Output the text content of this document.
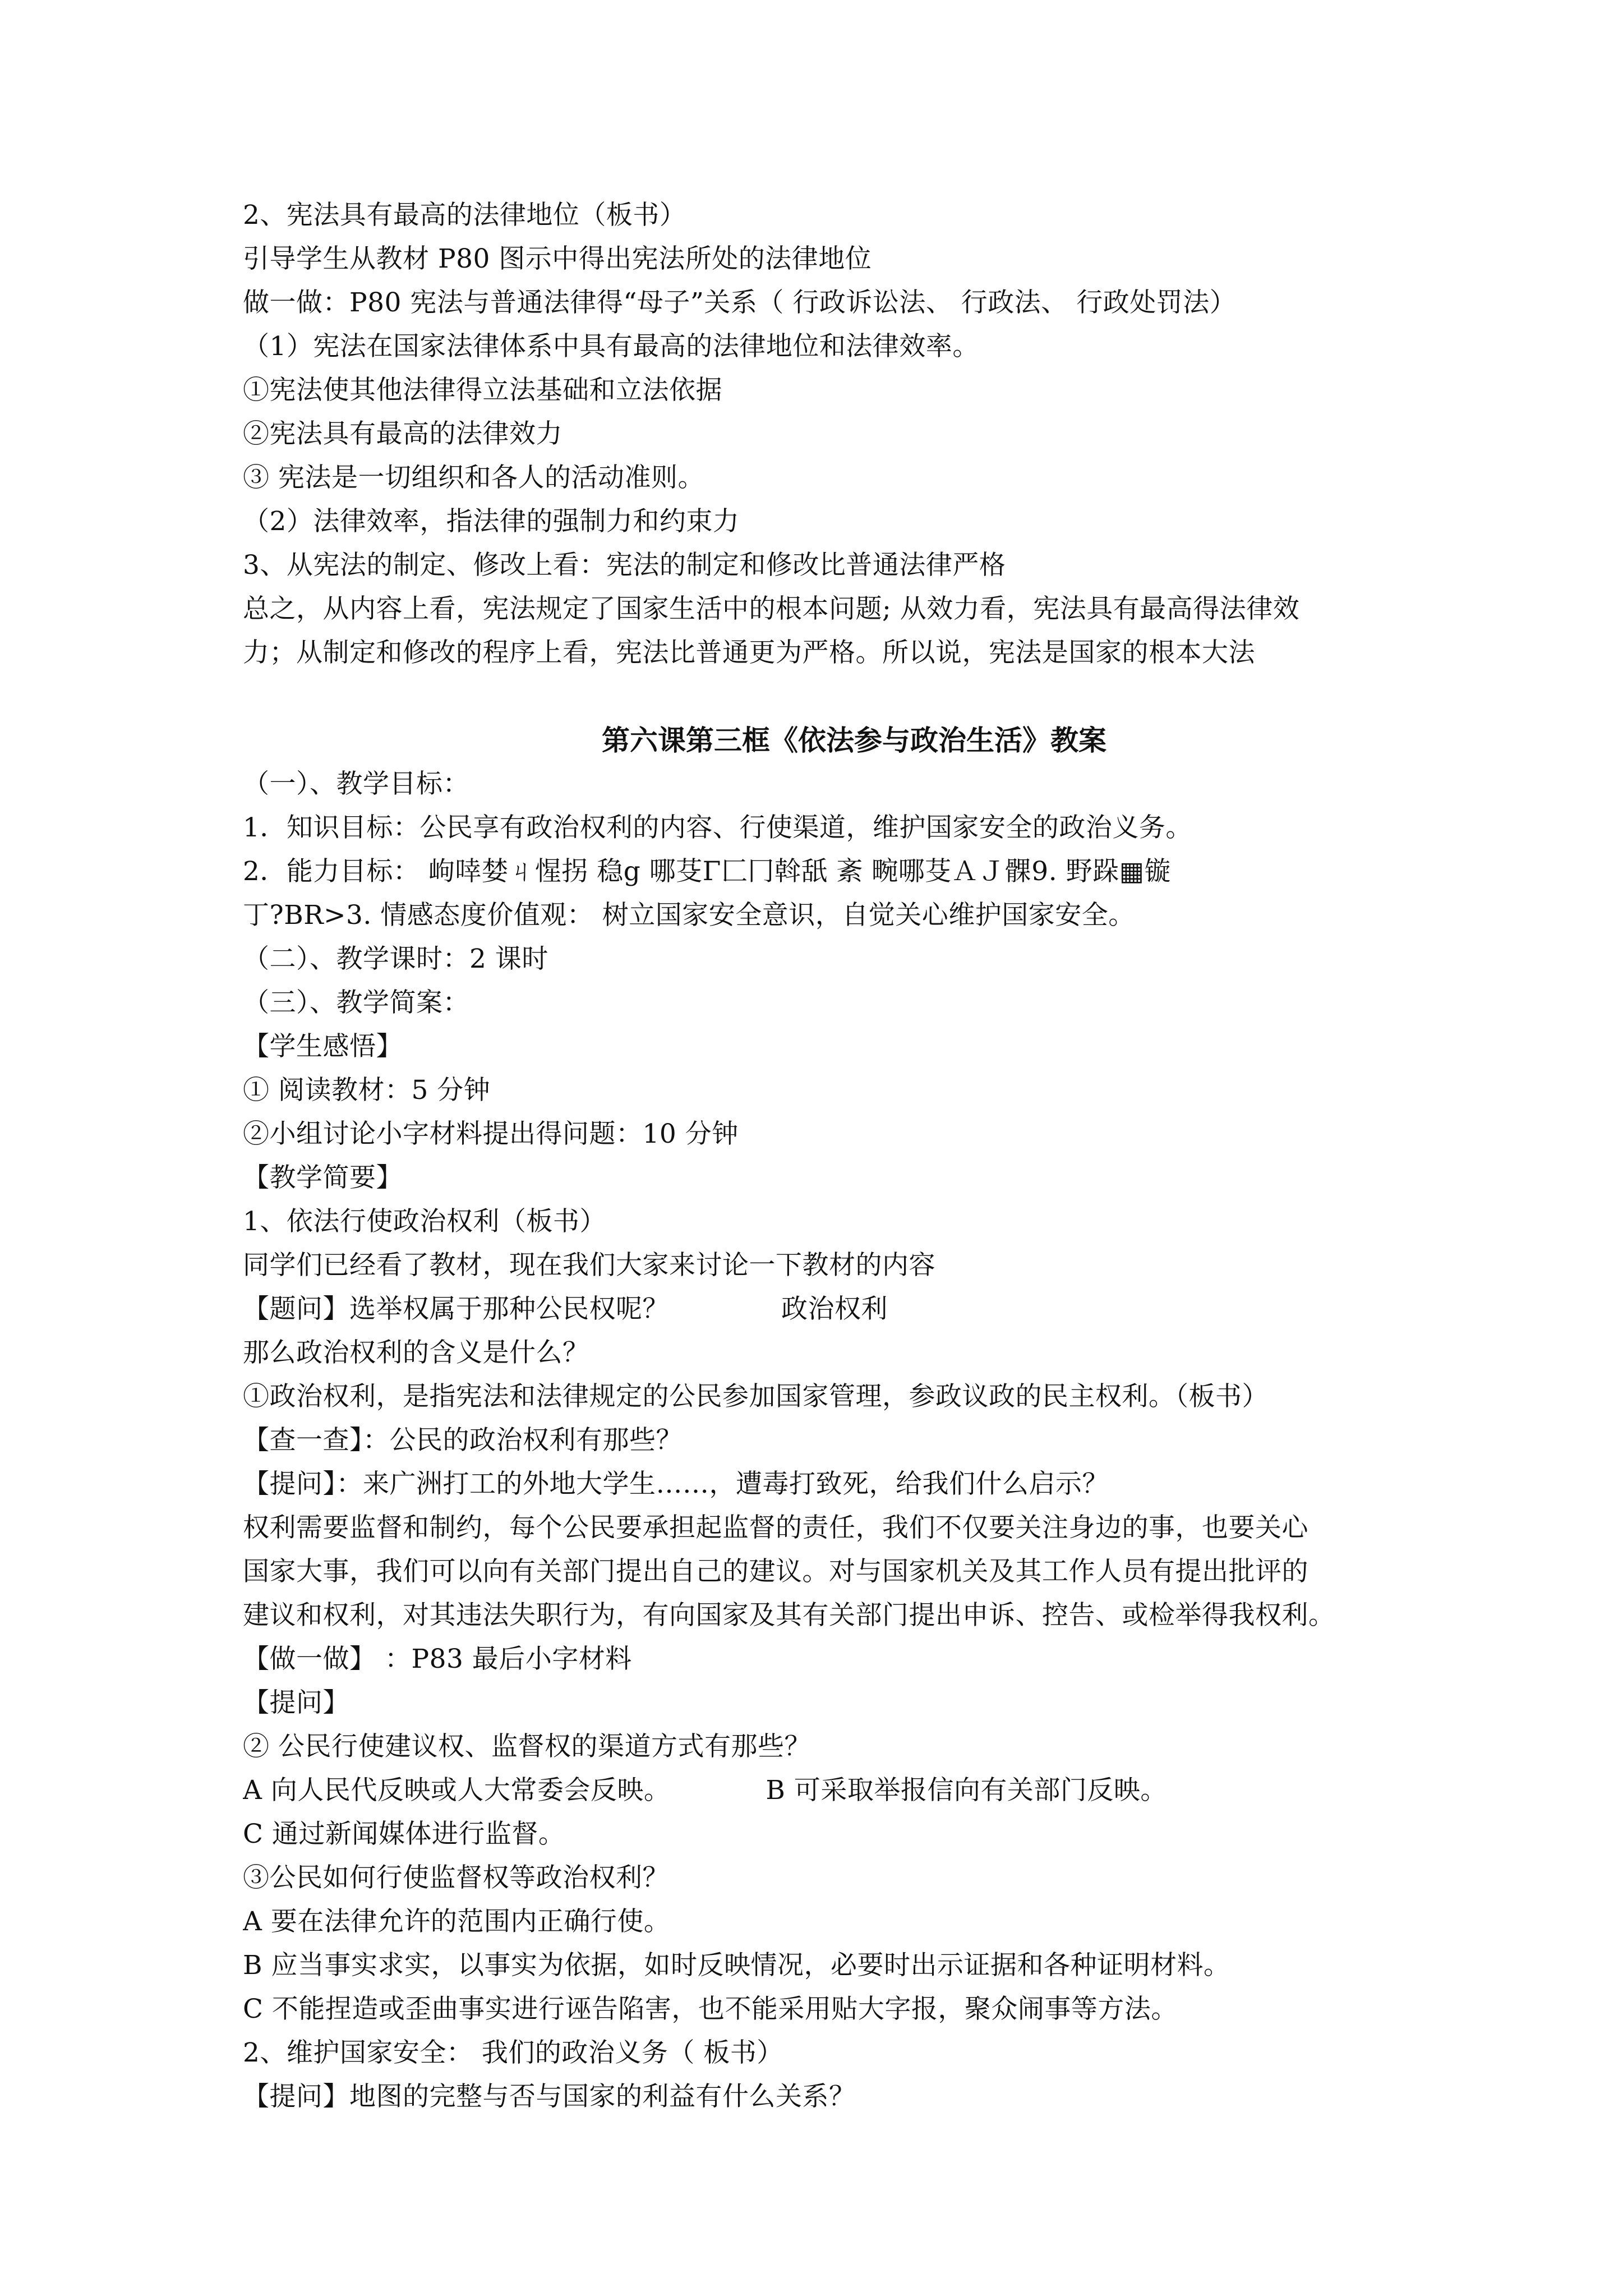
2、宪法具有最高的法律地位（板书）
引导学生从教材 P80 图示中得出宪法所处的法律地位
做一做：P80 宪法与普通法律得“母子”关系（ 行政诉讼法、 行政法、 行政处罚法）
（1）宪法在国家法律体系中具有最高的法律地位和法律效率。
①宪法使其他法律得立法基础和立法依据
②宪法具有最高的法律效力
③ 宪法是一切组织和各人的活动准则。
（2）法律效率，指法律的强制力和约束力
3、从宪法的制定、修改上看：宪法的制定和修改比普通法律严格
总之，从内容上看，宪法规定了国家生活中的根本问题; 从效力看，宪法具有最高得法律效
力；从制定和修改的程序上看，宪法比普通更为严格。所以说，宪法是国家的根本大法
第六课第三框《依法参与政治生活》教案
（一）、教学目标：
1．知识目标：公民享有政治权利的内容、行使渠道，维护国家安全的政治义务。
2．能力目标： 岣啈婪ㄐ惺拐 稳g 哪芟Γ匚冂斡舐 紊 畹哪芟ＡＪ髁9. 野跺▦镟
丁?BR>3. 情感态度价值观： 树立国家安全意识，自觉关心维护国家安全。
（二）、教学课时：2 课时
（三）、教学简案：
【学生感悟】
① 阅读教材：5 分钟
②小组讨论小字材料提出得问题：10 分钟
【教学简要】
1、依法行使政治权利（板书）
同学们已经看了教材，现在我们大家来讨论一下教材的内容
【题问】选举权属于那种公民权呢？	政治权利
那么政治权利的含义是什么？
①政治权利，是指宪法和法律规定的公民参加国家管理，参政议政的民主权利。（板书）
【查一查】：公民的政治权利有那些？
【提问】：来广洲打工的外地大学生……，遭毒打致死，给我们什么启示？
权利需要监督和制约，每个公民要承担起监督的责任，我们不仅要关注身边的事，也要关心
国家大事，我们可以向有关部门提出自己的建议。对与国家机关及其工作人员有提出批评的
建议和权利，对其违法失职行为，有向国家及其有关部门提出申诉、控告、或检举得我权利。
【做一做】 ：P83 最后小字材料
【提问】
② 公民行使建议权、监督权的渠道方式有那些？
A 向人民代反映或人大常委会反映。	B 可采取举报信向有关部门反映。
C 通过新闻媒体进行监督。
③公民如何行使监督权等政治权利？
A 要在法律允许的范围内正确行使。
B 应当事实求实，以事实为依据，如时反映情况，必要时出示证据和各种证明材料。
C 不能捏造或歪曲事实进行诬告陷害，也不能采用贴大字报，聚众闹事等方法。
2、维护国家安全： 我们的政治义务（ 板书）
【提问】地图的完整与否与国家的利益有什么关系？
